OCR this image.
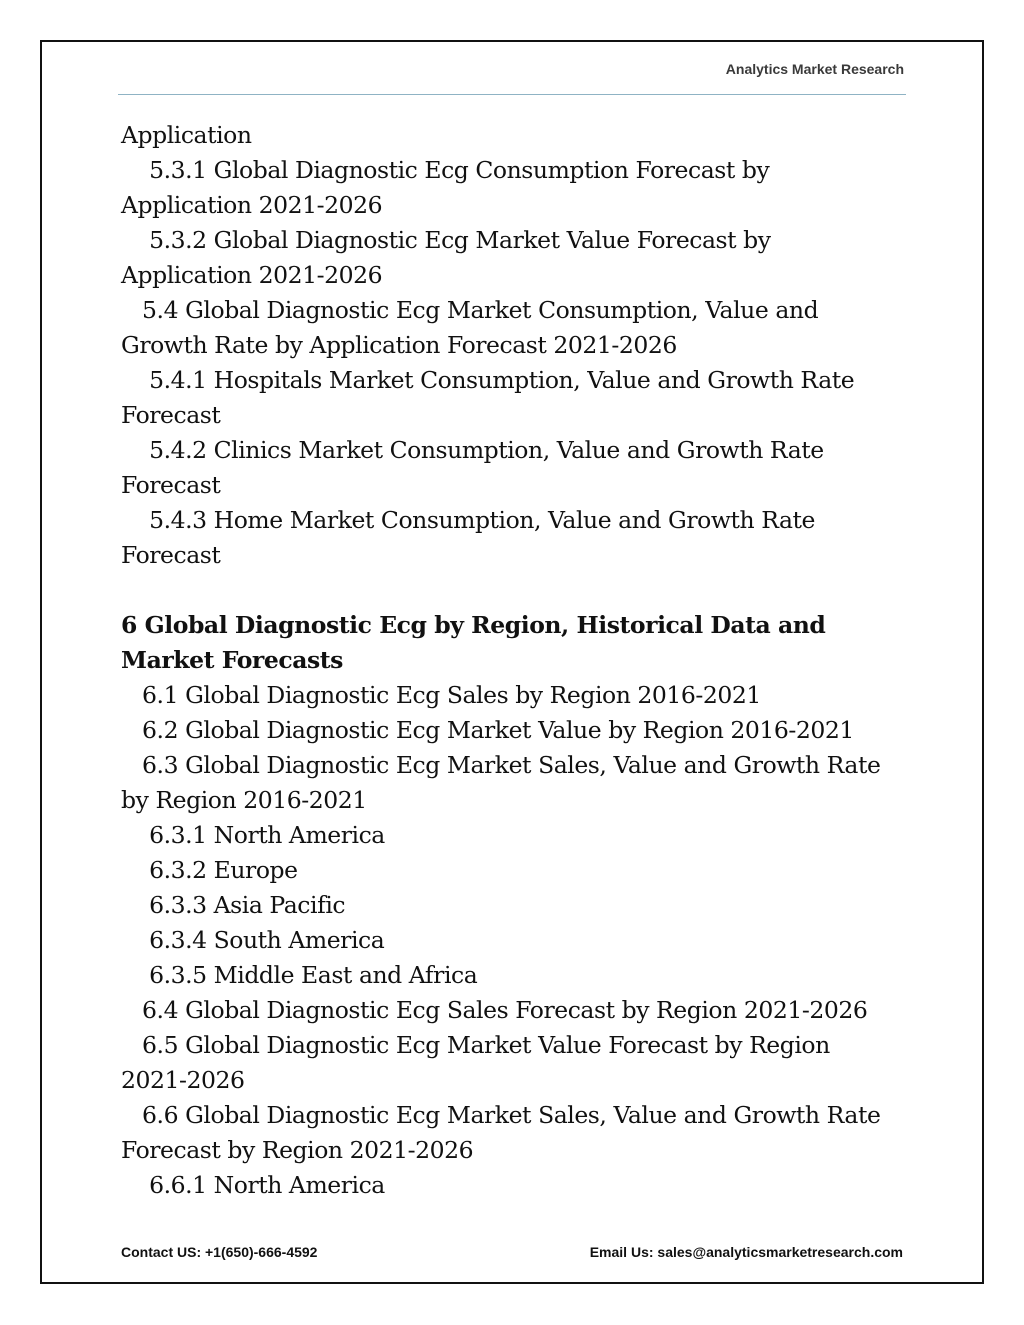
Analytics Market Research
Application
5.3.1 Global Diagnostic Ecg Consumption Forecast by
Application 2021-2026
5.3.2 Global Diagnostic Ecg Market Value Forecast by
Application 2021-2026
5.4 Global Diagnostic Ecg Market Consumption, Value and
Growth Rate by Application Forecast 2021-2026
5.4.1 Hospitals Market Consumption, Value and Growth Rate
Forecast
5.4.2 Clinics Market Consumption, Value and Growth Rate
Forecast
5.4.3 Home Market Consumption, Value and Growth Rate
Forecast
6 Global Diagnostic Ecg by Region, Historical Data and
Market Forecasts
6.1 Global Diagnostic Ecg Sales by Region 2016-2021
6.2 Global Diagnostic Ecg Market Value by Region 2016-2021
6.3 Global Diagnostic Ecg Market Sales, Value and Growth Rate
by Region 2016-2021
6.3.1 North America
6.3.2 Europe
6.3.3 Asia Pacific
6.3.4 South America
6.3.5 Middle East and Africa
6.4 Global Diagnostic Ecg Sales Forecast by Region 2021-2026
6.5 Global Diagnostic Ecg Market Value Forecast by Region
2021-2026
6.6 Global Diagnostic Ecg Market Sales, Value and Growth Rate
Forecast by Region 2021-2026
6.6.1 North America
Contact US: +1(650)-666-4592	Email Us: sales@analyticsmarketresearch.com
